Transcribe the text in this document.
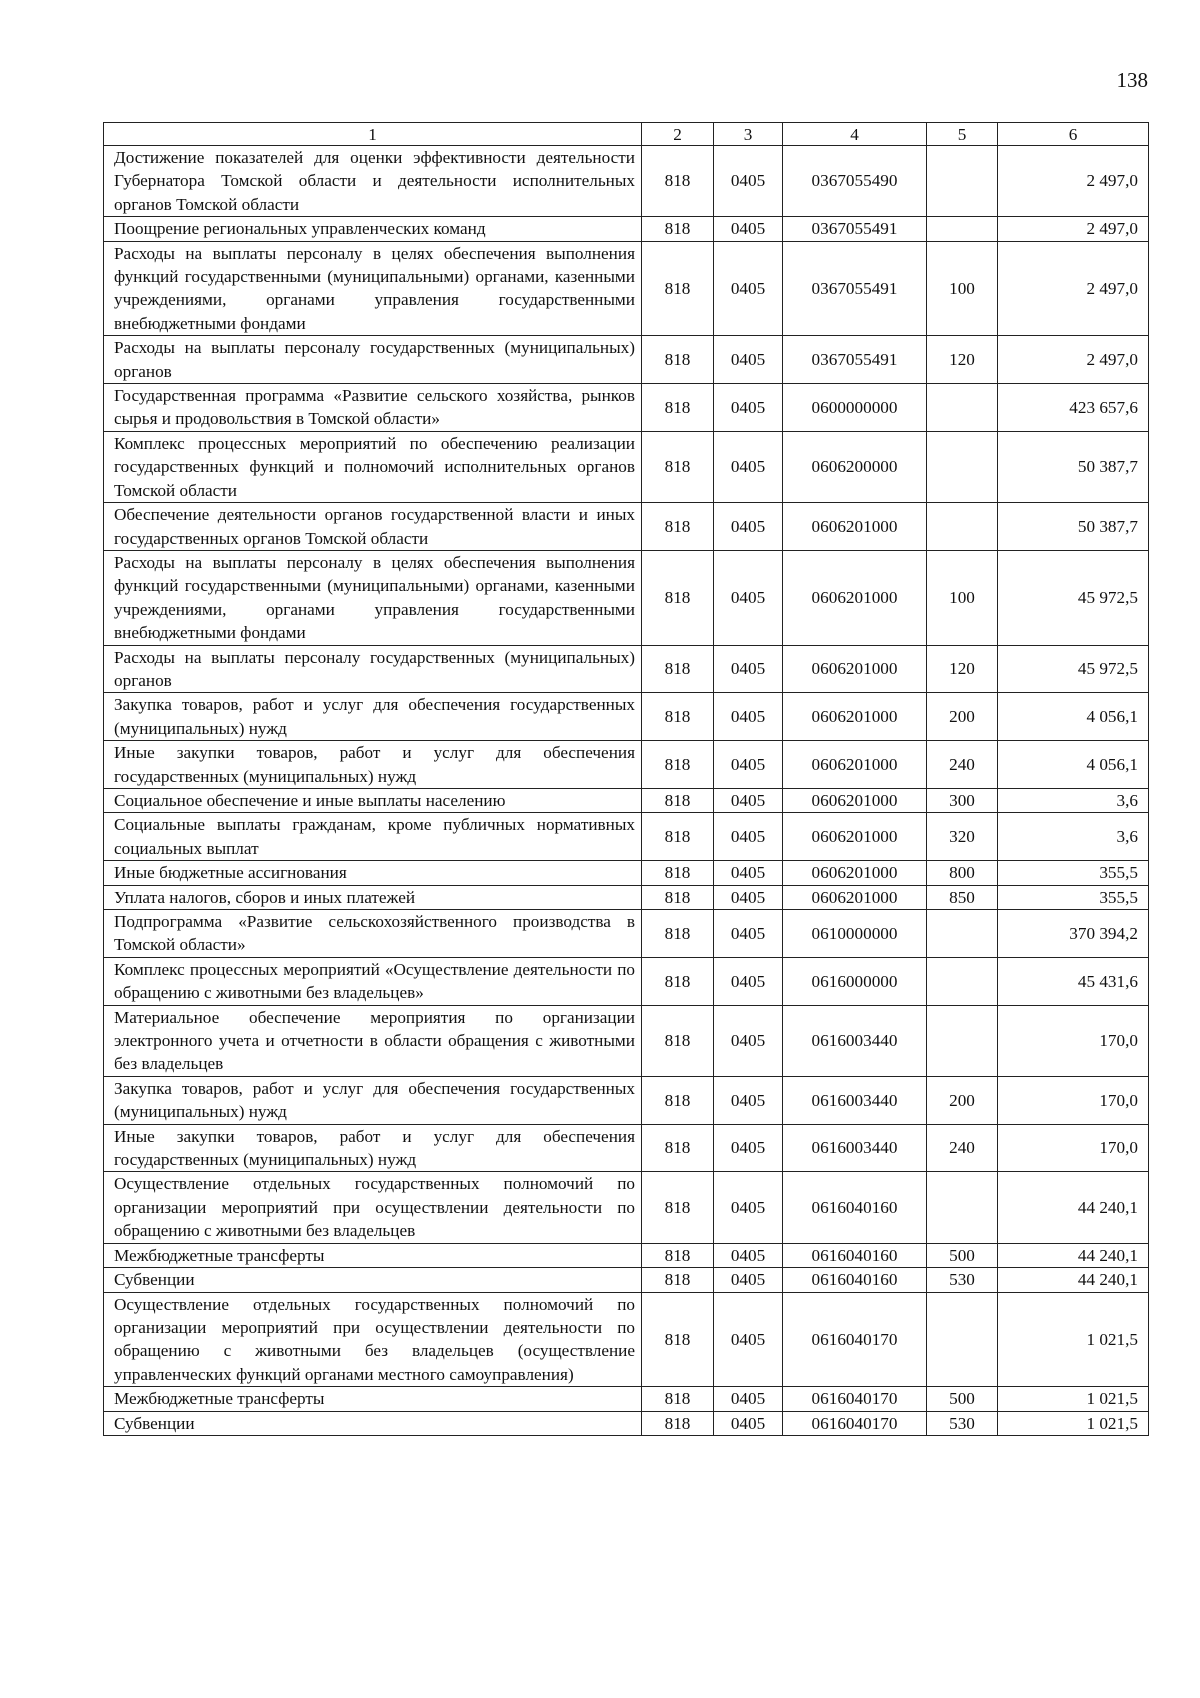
138
1	2	3	4	5	6
Достижение показателей для оценки эффективности деятельности Губернатора Томской области и деятельности исполнительных органов Томской области	818	0405	0367055490		2 497,0
Поощрение региональных управленческих команд	818	0405	0367055491		2 497,0
Расходы на выплаты персоналу в целях обеспечения выполнения функций государственными (муниципальными) органами, казенными учреждениями, органами управления государственными внебюджетными фондами	818	0405	0367055491	100	2 497,0
Расходы на выплаты персоналу государственных (муниципальных) органов	818	0405	0367055491	120	2 497,0
Государственная программа «Развитие сельского хозяйства, рынков сырья и продовольствия в Томской области»	818	0405	0600000000		423 657,6
Комплекс процессных мероприятий по обеспечению реализации государственных функций и полномочий исполнительных органов Томской области	818	0405	0606200000		50 387,7
Обеспечение деятельности органов государственной власти и иных государственных органов Томской области	818	0405	0606201000		50 387,7
Расходы на выплаты персоналу в целях обеспечения выполнения функций государственными (муниципальными) органами, казенными учреждениями, органами управления государственными внебюджетными фондами	818	0405	0606201000	100	45 972,5
Расходы на выплаты персоналу государственных (муниципальных) органов	818	0405	0606201000	120	45 972,5
Закупка товаров, работ и услуг для обеспечения государственных (муниципальных) нужд	818	0405	0606201000	200	4 056,1
Иные закупки товаров, работ и услуг для обеспечения государственных (муниципальных) нужд	818	0405	0606201000	240	4 056,1
Социальное обеспечение и иные выплаты населению	818	0405	0606201000	300	3,6
Социальные выплаты гражданам, кроме публичных нормативных социальных выплат	818	0405	0606201000	320	3,6
Иные бюджетные ассигнования	818	0405	0606201000	800	355,5
Уплата налогов, сборов и иных платежей	818	0405	0606201000	850	355,5
Подпрограмма «Развитие сельскохозяйственного производства в Томской области»	818	0405	0610000000		370 394,2
Комплекс процессных мероприятий «Осуществление деятельности по обращению с животными без владельцев»	818	0405	0616000000		45 431,6
Материальное обеспечение мероприятия по организации электронного учета и отчетности в области обращения с животными без владельцев	818	0405	0616003440		170,0
Закупка товаров, работ и услуг для обеспечения государственных (муниципальных) нужд	818	0405	0616003440	200	170,0
Иные закупки товаров, работ и услуг для обеспечения государственных (муниципальных) нужд	818	0405	0616003440	240	170,0
Осуществление отдельных государственных полномочий по организации мероприятий при осуществлении деятельности по обращению с животными без владельцев	818	0405	0616040160		44 240,1
Межбюджетные трансферты	818	0405	0616040160	500	44 240,1
Субвенции	818	0405	0616040160	530	44 240,1
Осуществление отдельных государственных полномочий по организации мероприятий при осуществлении деятельности по обращению с животными без владельцев (осуществление управленческих функций органами местного самоуправления)	818	0405	0616040170		1 021,5
Межбюджетные трансферты	818	0405	0616040170	500	1 021,5
Субвенции	818	0405	0616040170	530	1 021,5
